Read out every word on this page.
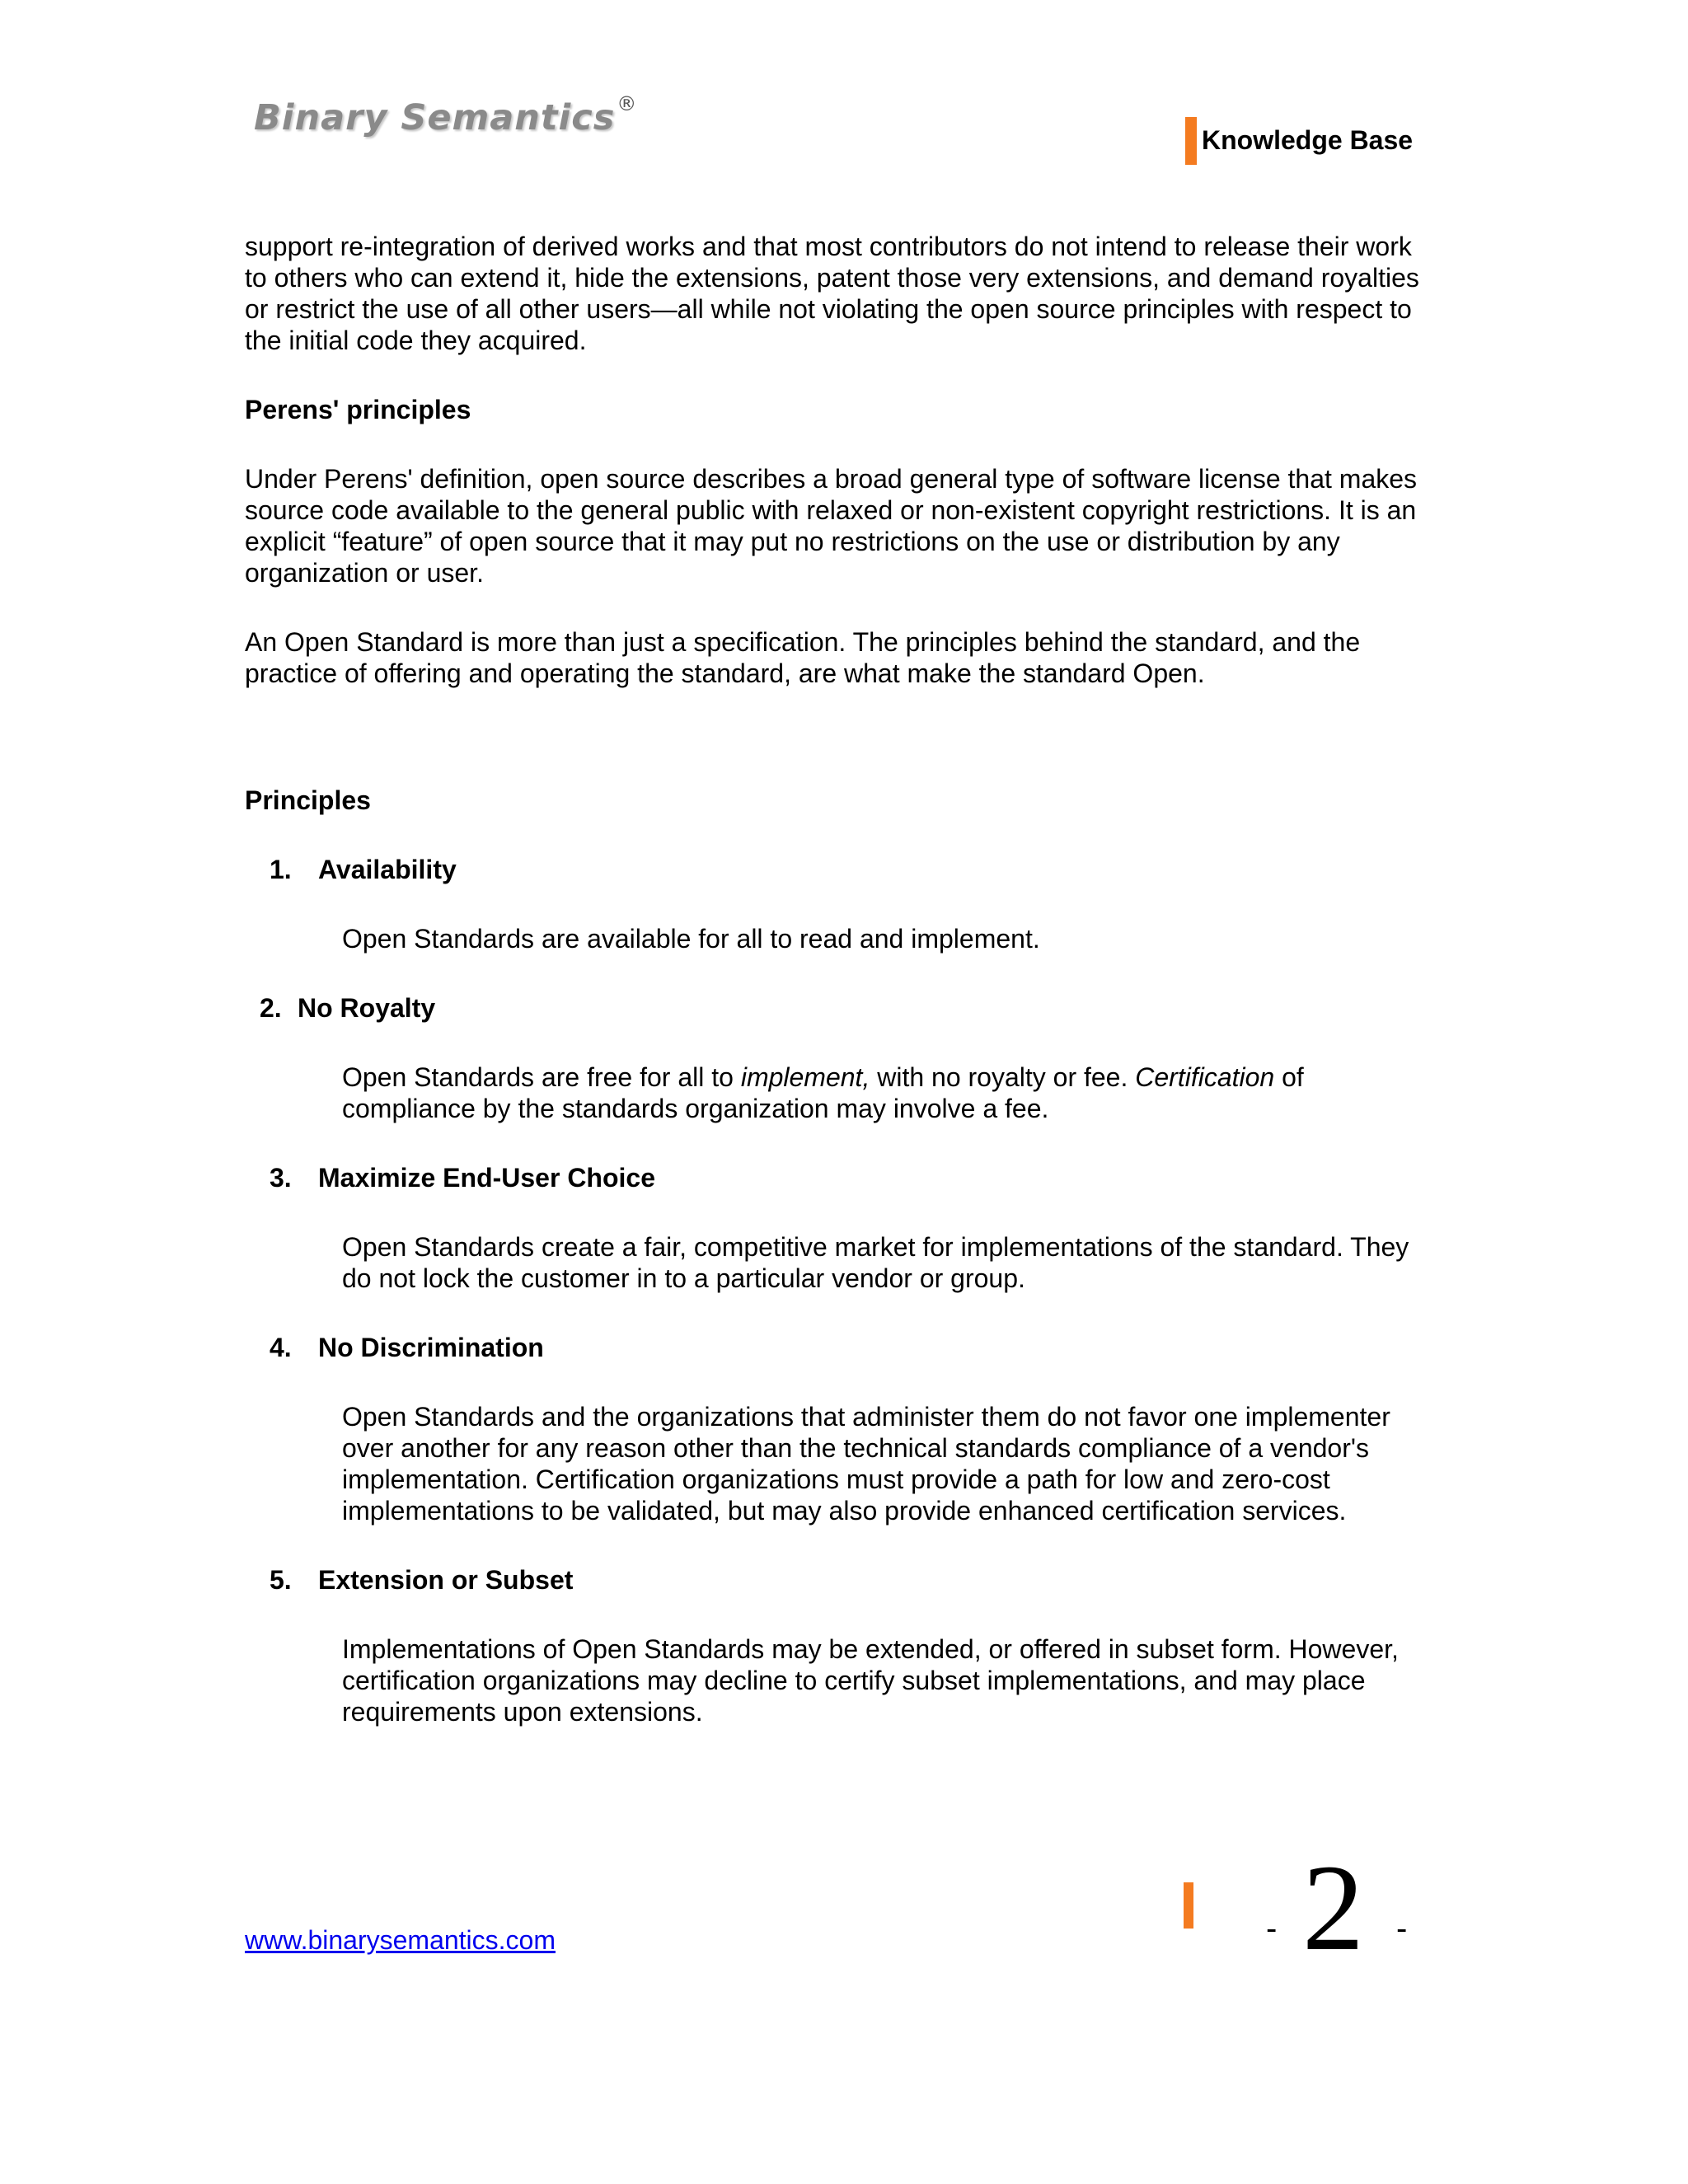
Binary Semantics®
Knowledge Base

support re-integration of derived works and that most contributors do not intend to release their work to others who can extend it, hide the extensions, patent those very extensions, and demand royalties or restrict the use of all other users—all while not violating the open source principles with respect to the initial code they acquired.

Perens' principles

Under Perens' definition, open source describes a broad general type of software license that makes source code available to the general public with relaxed or non-existent copyright restrictions. It is an explicit “feature” of open source that it may put no restrictions on the use or distribution by any organization or user.

An Open Standard is more than just a specification. The principles behind the standard, and the practice of offering and operating the standard, are what make the standard Open.

Principles

1.	Availability

Open Standards are available for all to read and implement.

2. No Royalty

Open Standards are free for all to implement, with no royalty or fee. Certification of compliance by the standards organization may involve a fee.

3.	Maximize End-User Choice

Open Standards create a fair, competitive market for implementations of the standard. They do not lock the customer in to a particular vendor or group.

4.	No Discrimination

Open Standards and the organizations that administer them do not favor one implementer over another for any reason other than the technical standards compliance of a vendor's implementation. Certification organizations must provide a path for low and zero-cost implementations to be validated, but may also provide enhanced certification services.

5.	Extension or Subset

Implementations of Open Standards may be extended, or offered in subset form. However, certification organizations may decline to certify subset implementations, and may place requirements upon extensions.

www.binarysemantics.com	- 2 -
